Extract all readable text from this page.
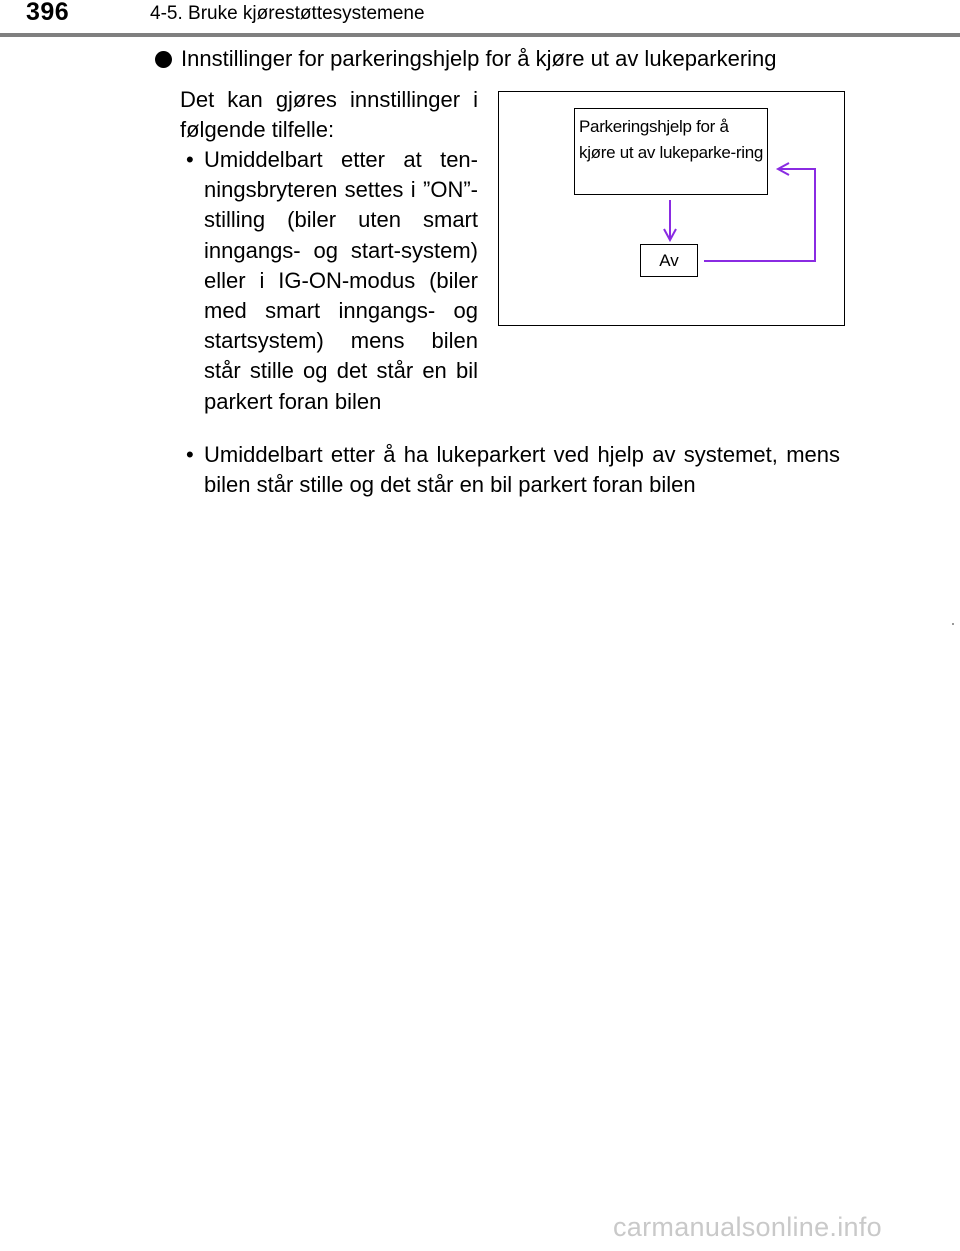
396	4-5. Bruke kjørestøttesystemene
Innstillinger for parkeringshjelp for å kjøre ut av lukeparkering
Det kan gjøres innstillinger i følgende tilfelle:
• Umiddelbart etter at ten-ningsbryteren settes i ”ON”-stilling (biler uten smart inngangs- og start-system) eller i IG-ON-modus (biler med smart inngangs- og startsystem) mens bilen står stille og det står en bil parkert foran bilen
• Umiddelbart etter å ha lukeparkert ved hjelp av systemet, mens bilen står stille og det står en bil parkert foran bilen
Parkeringshjelp for å kjøre ut av lukeparke-ring
Av
carmanualsonline.info
